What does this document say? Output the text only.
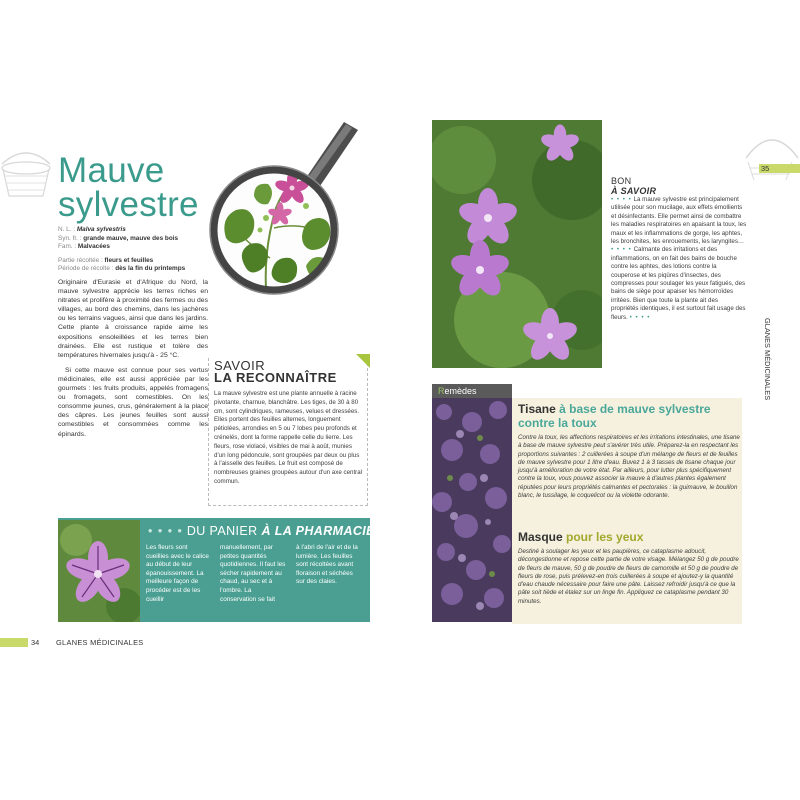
Mauve
sylvestre
N. L. : Malva sylvestris
Syn. fr. : grande mauve, mauve des bois
Fam. : Malvacées
Partie récoltée : fleurs et feuilles
Période de récolte : dès la fin du printemps

Originaire d'Eurasie et d'Afrique du Nord, la mauve sylvestre apprécie les terres riches en nitrates et prolifère à proximité des fermes ou des villages, au bord des chemins, dans les jachères ou les terrains vagues, ainsi que dans les jardins. Cette plante à croissance rapide aime les expositions ensoleillées et les terres bien drainées. Elle est rustique et tolère des températures hivernales jusqu'à - 25 °C.

Si cette mauve est connue pour ses vertus médicinales, elle est aussi appréciée par les gourmets : les fruits produits, appelés fromagens ou fromagets, sont comestibles. On les consomme jeunes, crus, généralement à la place des câpres. Les jeunes feuilles sont aussi comestibles et consommées comme les épinards.

SAVOIR
LA RECONNAÎTRE
La mauve sylvestre est une plante annuelle à racine pivotante, charnue, blanchâtre. Les tiges, de 30 à 80 cm, sont cylindriques, rameuses, velues et dressées. Elles portent des feuilles alternes, longuement pétiolées, arrondies en 5 ou 7 lobes peu profonds et crénelés, dont la forme rappelle celle du lierre. Les fleurs, rose violacé, visibles de mai à août, munies d'un long pédoncule, sont groupées par deux ou plus à l'aisselle des feuilles. Le fruit est composé de nombreuses graines groupées autour d'un axe central commun.
• • • • DU PANIER À LA PHARMACIE
Les fleurs sont cueillies avec le calice au début de leur épanouissement. La meilleure façon de procéder est de les cueillir
manuellement, par petites quantités quotidiennes. Il faut les sécher rapidement au chaud, au sec et à l'ombre. La conservation se fait
à l'abri de l'air et de la lumière. Les feuilles sont récoltées avant floraison et séchées sur des claies.
34 GLANES MÉDICINALES
BON
À SAVOIR
• • • • La mauve sylvestre est principalement utilisée pour son mucilage, aux effets émollients et désinfectants. Elle permet ainsi de combattre les maladies respiratoires en apaisant la toux, les maux et les inflammations de gorge, les aphtes, les bronchites, les enrouements, les laryngites…
• • • • Calmante des irritations et des inflammations, on en fait des bains de bouche contre les aphtes, des lotions contre la couperose et les piqûres d'insectes, des compresses pour soulager les yeux fatigués, des bains de siège pour apaiser les hémorroïdes irritées. Bien que toute la plante ait des propriétés identiques, il est surtout fait usage des fleurs. • • • •
35
GLANES MÉDICINALES
Remèdes
Tisane à base de mauve sylvestre contre la toux
Contre la toux, les affections respiratoires et les irritations intestinales, une tisane à base de mauve sylvestre peut s'avérer très utile. Préparez-la en respectant les proportions suivantes : 2 cuillerées à soupe d'un mélange de fleurs et de feuilles de mauve sylvestre pour 1 litre d'eau. Buvez 1 à 3 tasses de tisane chaque jour jusqu'à amélioration de votre état. Par ailleurs, pour lutter plus spécifiquement contre la toux, vous pouvez associer la mauve à d'autres plantes également réputées pour leurs propriétés calmantes et pectorales : la guimauve, le bouillon blanc, le tussilage, le coquelicot ou la violette odorante.
Masque pour les yeux
Destiné à soulager les yeux et les paupières, ce cataplasme adoucit, décongestionne et repose cette partie de votre visage. Mélangez 50 g de poudre de fleurs de mauve, 50 g de poudre de fleurs de camomille et 50 g de poudre de fleurs de rose, puis prélevez-en trois cuillerées à soupe et ajoutez-y la quantité d'eau chaude nécessaire pour faire une pâte. Laissez refroidir jusqu'à ce que la pâte soit tiède et étalez sur un linge fin. Appliquez ce cataplasme pendant 30 minutes.
